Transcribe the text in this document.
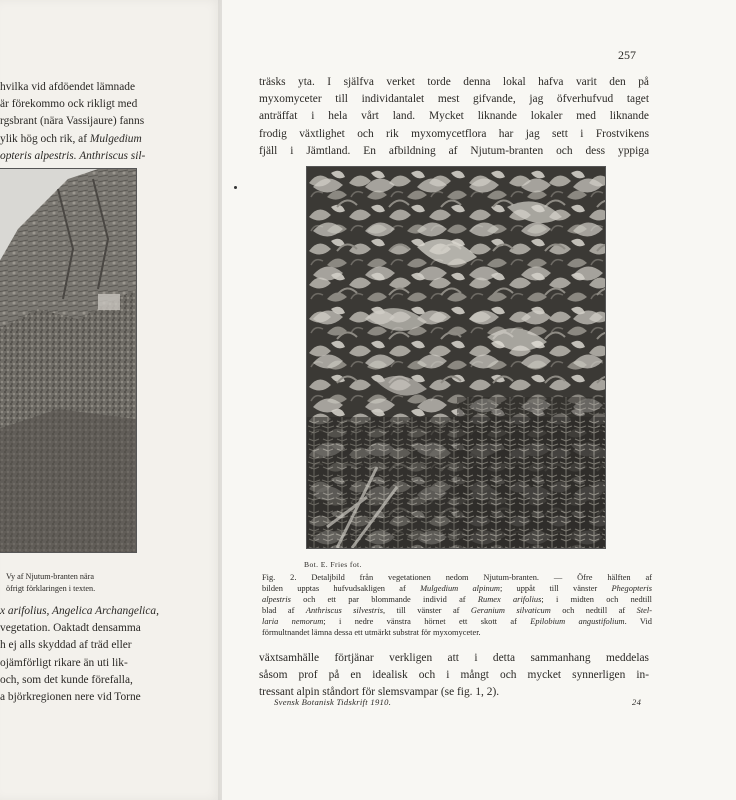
hvilka vid afdöendet lämnade
är förekommo ock rikligt med
rgsbrant (nära Vassijaure) fanns
ylik hög och rik, af Mulgedium
opteris alpestris. Anthriscus sil-
Vy af Njutum-branten nära
öfrigt förklaringen i texten.
x arifolius, Angelica Archangelica,
vegetation. Oaktadt densamma
h ej alls skyddad af träd eller
ojämförligt rikare än uti lik-
och, som det kunde förefalla,
a björkregionen nere vid Torne
257
träsks yta. I själfva verket torde denna lokal hafva varit den på
myxomyceter till individantalet mest gifvande, jag öfverhufvud taget
anträffat i hela vårt land. Mycket liknande lokaler med liknande
frodig växtlighet och rik myxomycetflora har jag sett i Frostvikens
fjäll i Jämtland. En afbildning af Njutum-branten och dess yppiga
Bot. E. Fries fot.
Fig. 2. Detaljbild från vegetationen nedom Njutum-branten. — Öfre hälften af
bilden upptas hufvudsakligen af Mulgedium alpinum; uppåt till vänster Phegopteris
alpestris och ett par blommande individ af Rumex arifolius; i midten och nedtill
blad af Anthriscus silvestris, till vänster af Geranium silvaticum och nedtill af Stel-
laria nemorum; i nedre vänstra hörnet ett skott af Epilobium angustifolium. Vid
förmultnandet lämna dessa ett utmärkt substrat för myxomyceter.
växtsamhälle förtjänar verkligen att i detta sammanhang meddelas
såsom prof på en idealisk och i mångt och mycket synnerligen in-
tressant alpin ståndort för slemsvampar (se fig. 1, 2).
Svensk Botanisk Tidskrift 1910.	24
